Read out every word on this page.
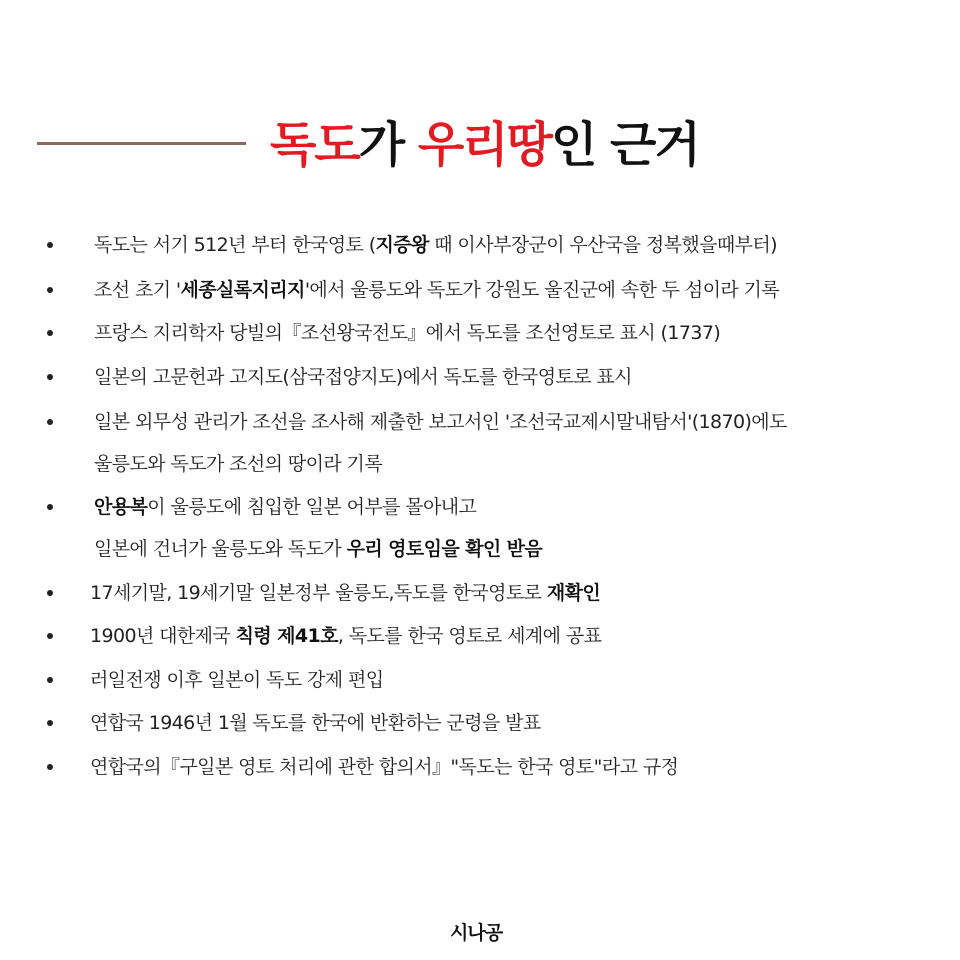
독도가 우리땅인 근거
독도는 서기 512년 부터 한국영토 (지증왕 때 이사부장군이 우산국을 정복했을때부터)
조선 초기 '세종실록지리지'에서 울릉도와 독도가 강원도 울진군에 속한 두 섬이라 기록
프랑스 지리학자 당빌의『조선왕국전도』에서 독도를 조선영토로 표시 (1737)
일본의 고문헌과 고지도(삼국접양지도)에서 독도를 한국영토로 표시
일본 외무성 관리가 조선을 조사해 제출한 보고서인 '조선국교제시말내탐서'(1870)에도
울릉도와 독도가 조선의 땅이라 기록
안용복이 울릉도에 침입한 일본 어부를 몰아내고
일본에 건너가 울릉도와 독도가 우리 영토임을 확인 받음
17세기말, 19세기말 일본정부 울릉도,독도를 한국영토로 재확인
1900년 대한제국 칙령 제41호, 독도를 한국 영토로 세계에 공표
러일전쟁 이후 일본이 독도 강제 편입
연합국 1946년 1월 독도를 한국에 반환하는 군령을 발표
연합국의『구일본 영토 처리에 관한 합의서』"독도는 한국 영토"라고 규정
시나공
